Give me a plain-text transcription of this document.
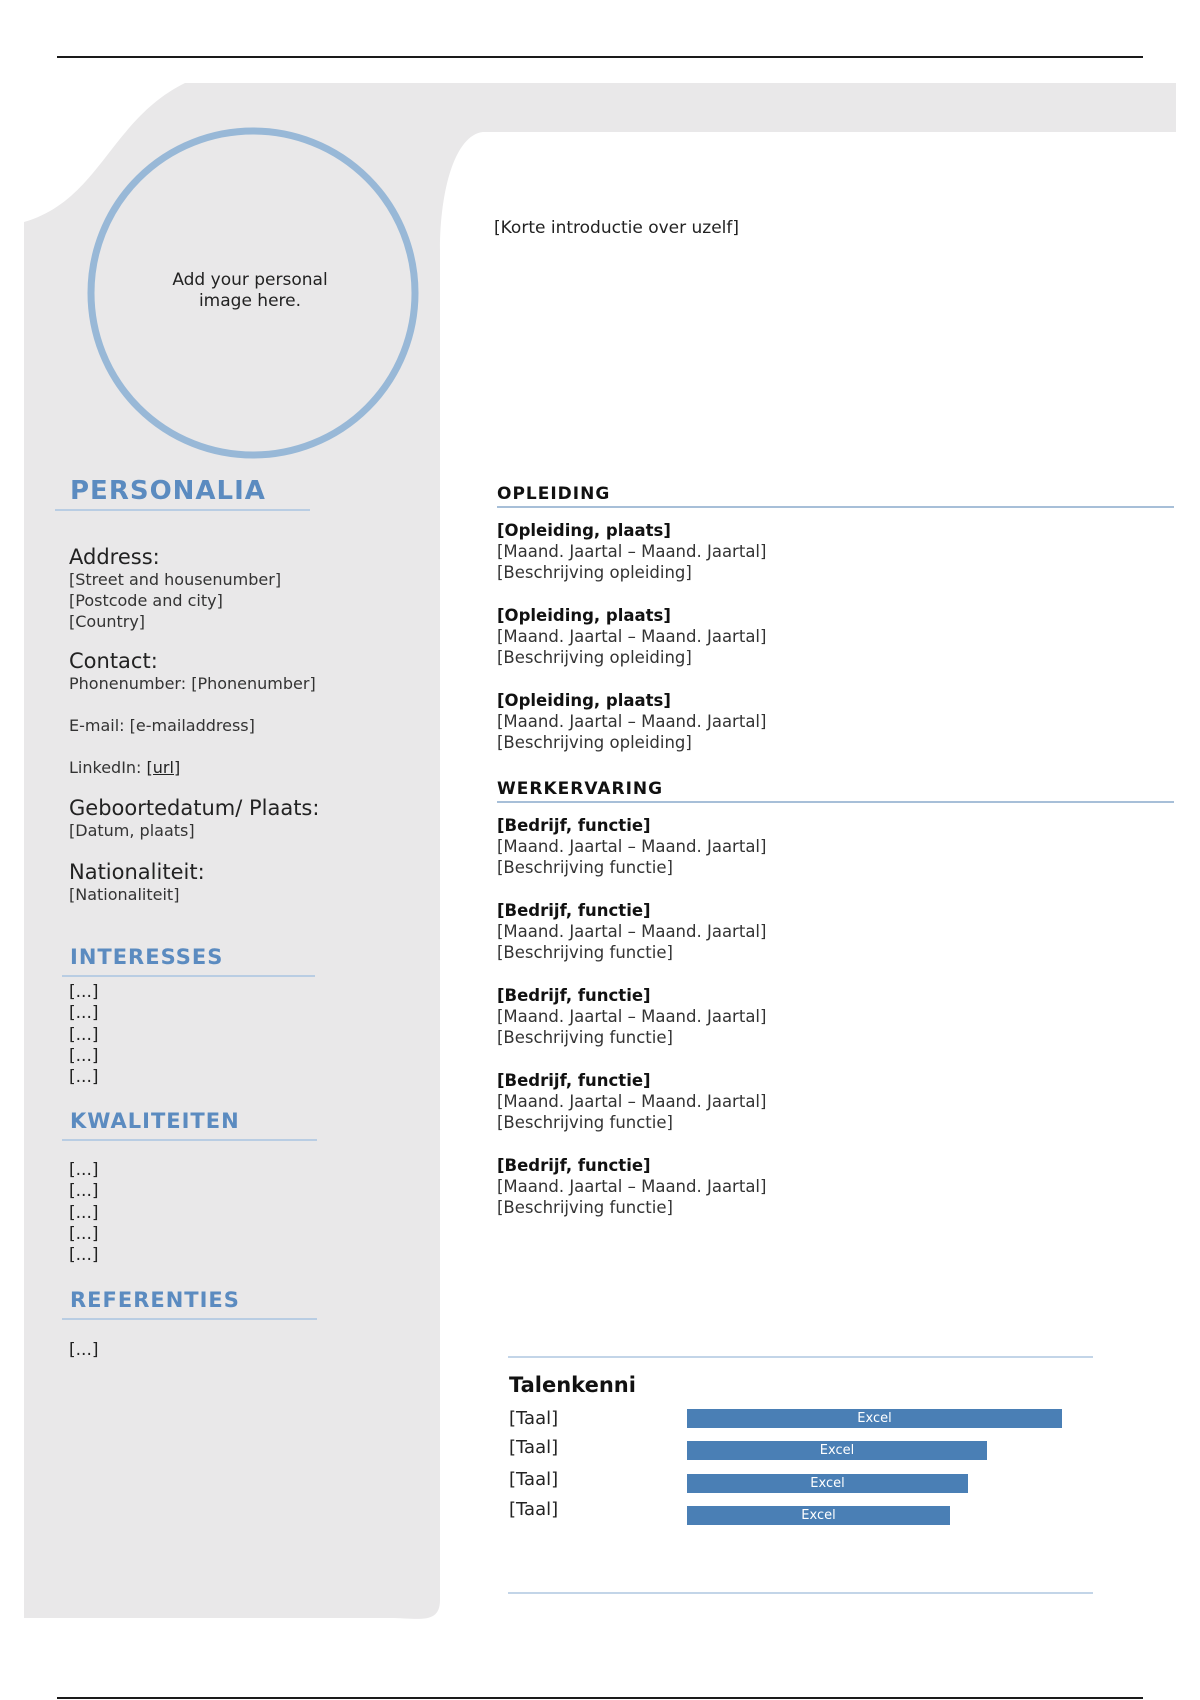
Add your personal
image here.
[Korte introductie over uzelf]
PERSONALIA
Address:
[Street and housenumber]
[Postcode and city]
[Country]
Contact:
Phonenumber: [Phonenumber]
E-mail: [e-mailaddress]
LinkedIn: [url]
Geboortedatum/ Plaats:
[Datum, plaats]
Nationaliteit:
[Nationaliteit]
INTERESSES
[...]
[...]
[...]
[...]
[...]
KWALITEITEN
[...]
[...]
[...]
[...]
[...]
REFERENTIES
[...]
OPLEIDING
[Opleiding, plaats]
[Maand. Jaartal – Maand. Jaartal]
[Beschrijving opleiding]
[Opleiding, plaats]
[Maand. Jaartal – Maand. Jaartal]
[Beschrijving opleiding]
[Opleiding, plaats]
[Maand. Jaartal – Maand. Jaartal]
[Beschrijving opleiding]
WERKERVARING
[Bedrijf, functie]
[Maand. Jaartal – Maand. Jaartal]
[Beschrijving functie]
[Bedrijf, functie]
[Maand. Jaartal – Maand. Jaartal]
[Beschrijving functie]
[Bedrijf, functie]
[Maand. Jaartal – Maand. Jaartal]
[Beschrijving functie]
[Bedrijf, functie]
[Maand. Jaartal – Maand. Jaartal]
[Beschrijving functie]
[Bedrijf, functie]
[Maand. Jaartal – Maand. Jaartal]
[Beschrijving functie]
Talenkenni
[Taal]	Excel
[Taal]	Excel
[Taal]	Excel
[Taal]	Excel
